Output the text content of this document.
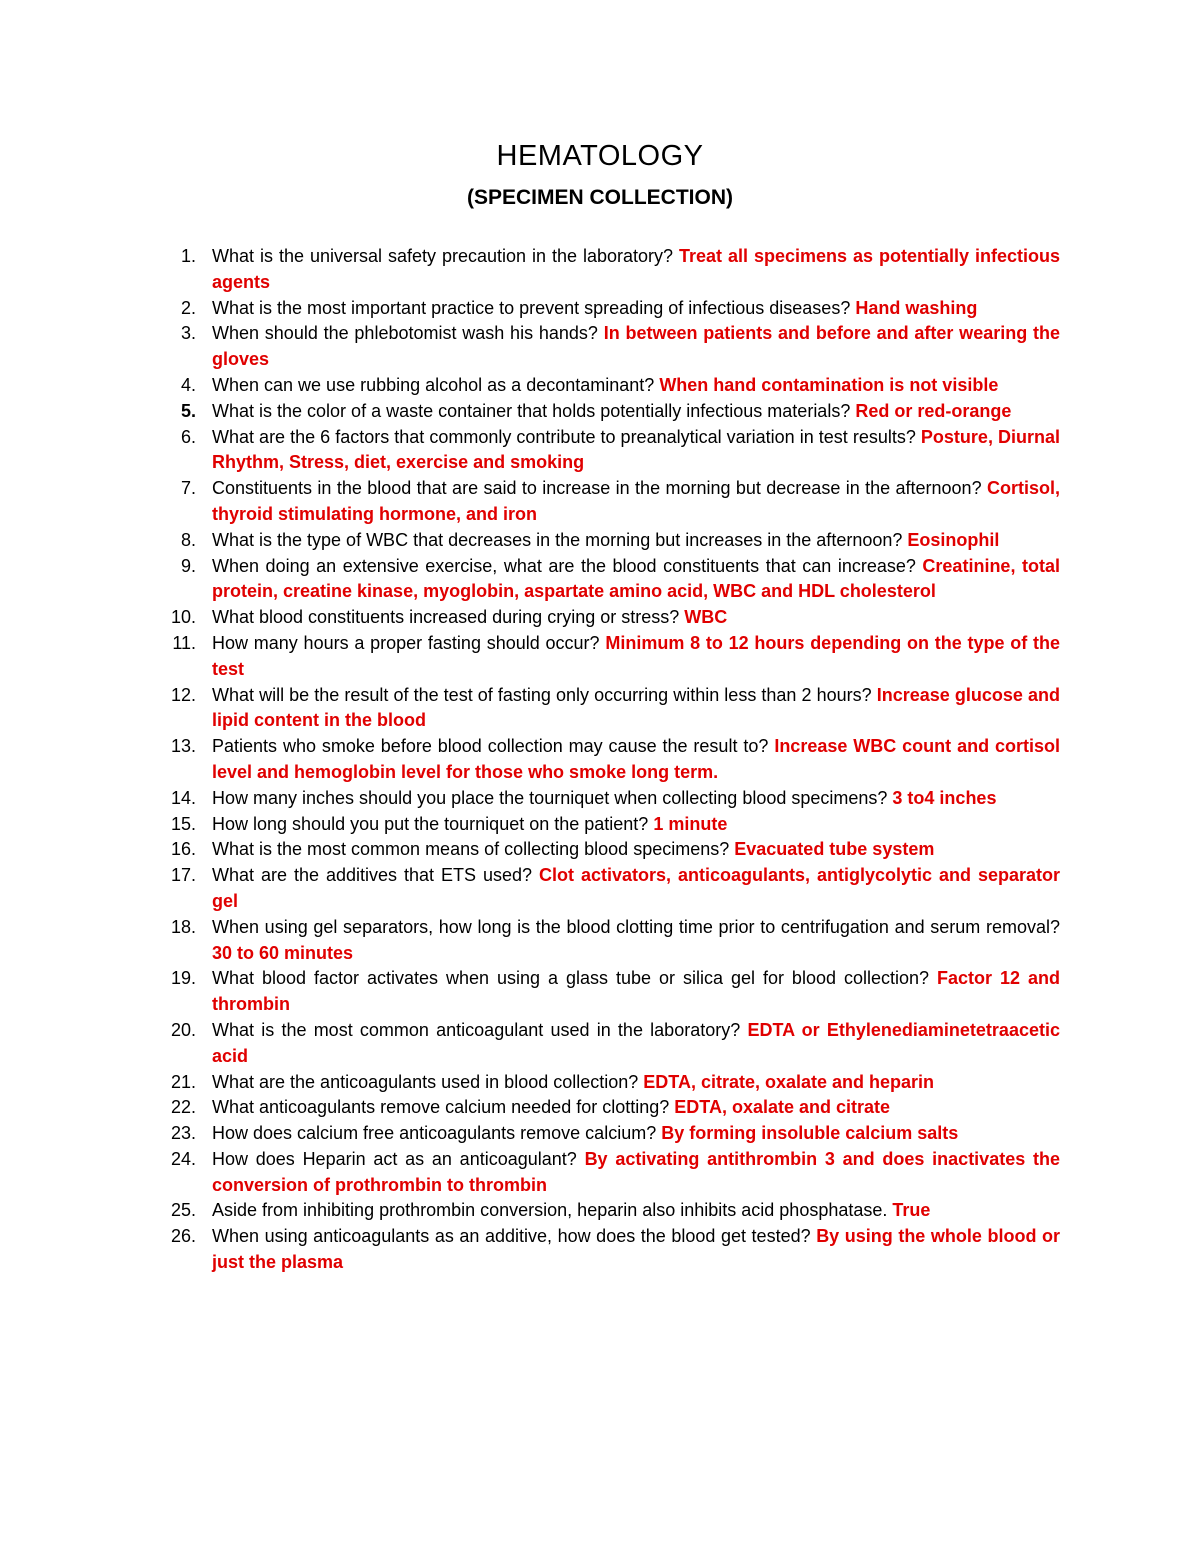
HEMATOLOGY
(SPECIMEN COLLECTION)
1. What is the universal safety precaution in the laboratory? Treat all specimens as potentially infectious agents
2. What is the most important practice to prevent spreading of infectious diseases? Hand washing
3. When should the phlebotomist wash his hands? In between patients and before and after wearing the gloves
4. When can we use rubbing alcohol as a decontaminant? When hand contamination is not visible
5. What is the color of a waste container that holds potentially infectious materials? Red or red-orange
6. What are the 6 factors that commonly contribute to preanalytical variation in test results? Posture, Diurnal Rhythm, Stress, diet, exercise and smoking
7. Constituents in the blood that are said to increase in the morning but decrease in the afternoon? Cortisol, thyroid stimulating hormone, and iron
8. What is the type of WBC that decreases in the morning but increases in the afternoon? Eosinophil
9. When doing an extensive exercise, what are the blood constituents that can increase? Creatinine, total protein, creatine kinase, myoglobin, aspartate amino acid, WBC and HDL cholesterol
10. What blood constituents increased during crying or stress? WBC
11. How many hours a proper fasting should occur? Minimum 8 to 12 hours depending on the type of the test
12. What will be the result of the test of fasting only occurring within less than 2 hours? Increase glucose and lipid content in the blood
13. Patients who smoke before blood collection may cause the result to? Increase WBC count and cortisol level and hemoglobin level for those who smoke long term.
14. How many inches should you place the tourniquet when collecting blood specimens? 3 to4 inches
15. How long should you put the tourniquet on the patient? 1 minute
16. What is the most common means of collecting blood specimens? Evacuated tube system
17. What are the additives that ETS used? Clot activators, anticoagulants, antiglycolytic and separator gel
18. When using gel separators, how long is the blood clotting time prior to centrifugation and serum removal? 30 to 60 minutes
19. What blood factor activates when using a glass tube or silica gel for blood collection? Factor 12 and thrombin
20. What is the most common anticoagulant used in the laboratory? EDTA or Ethylenediaminetetraacetic acid
21. What are the anticoagulants used in blood collection? EDTA, citrate, oxalate and heparin
22. What anticoagulants remove calcium needed for clotting? EDTA, oxalate and citrate
23. How does calcium free anticoagulants remove calcium? By forming insoluble calcium salts
24. How does Heparin act as an anticoagulant? By activating antithrombin 3 and does inactivates the conversion of prothrombin to thrombin
25. Aside from inhibiting prothrombin conversion, heparin also inhibits acid phosphatase. True
26. When using anticoagulants as an additive, how does the blood get tested? By using the whole blood or just the plasma
